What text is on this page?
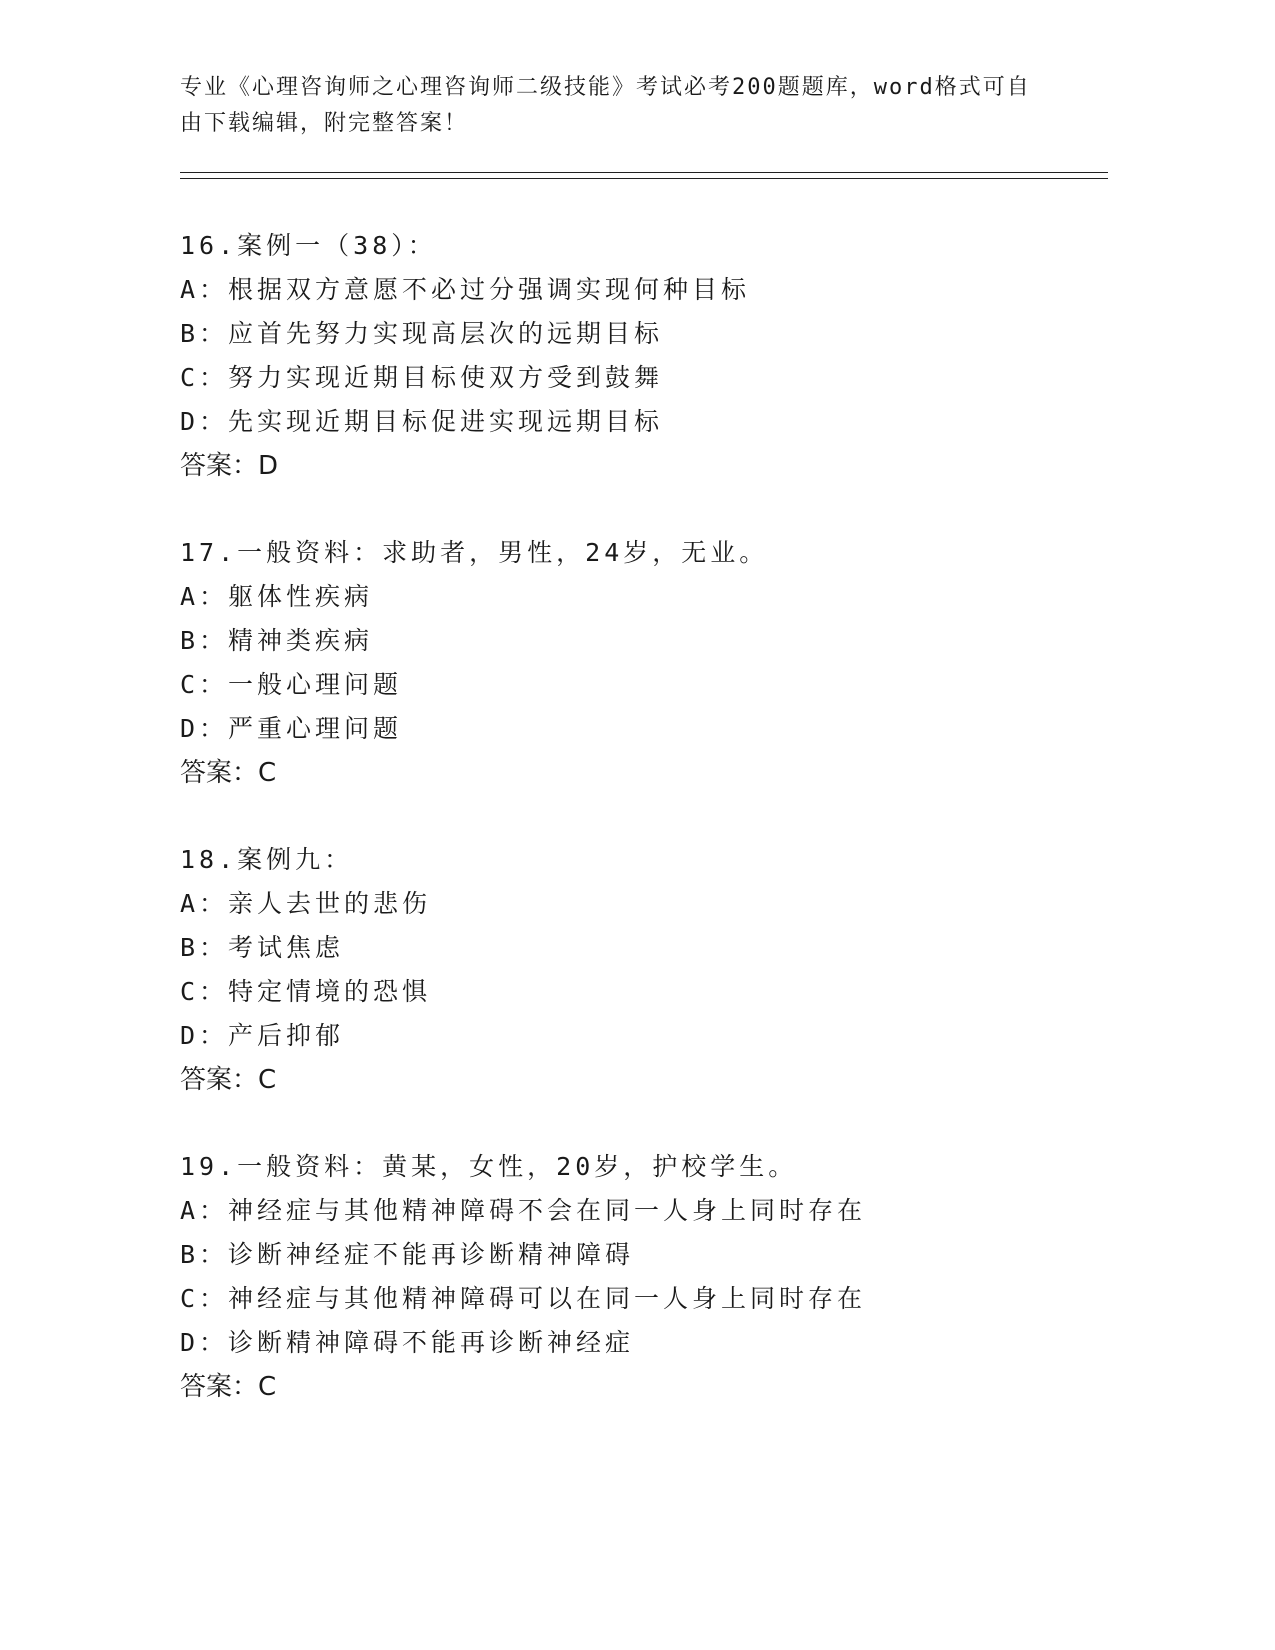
专业《心理咨询师之心理咨询师二级技能》考试必考200题题库，word格式可自
由下载编辑，附完整答案！
16.案例一（38）：
A：根据双方意愿不必过分强调实现何种目标
B：应首先努力实现高层次的远期目标
C：努力实现近期目标使双方受到鼓舞
D：先实现近期目标促进实现远期目标
答案：D
17.一般资料：求助者，男性，24岁，无业。
A：躯体性疾病
B：精神类疾病
C：一般心理问题
D：严重心理问题
答案：C
18.案例九：
A：亲人去世的悲伤
B：考试焦虑
C：特定情境的恐惧
D：产后抑郁
答案：C
19.一般资料：黄某，女性，20岁，护校学生。
A：神经症与其他精神障碍不会在同一人身上同时存在
B：诊断神经症不能再诊断精神障碍
C：神经症与其他精神障碍可以在同一人身上同时存在
D：诊断精神障碍不能再诊断神经症
答案：C
